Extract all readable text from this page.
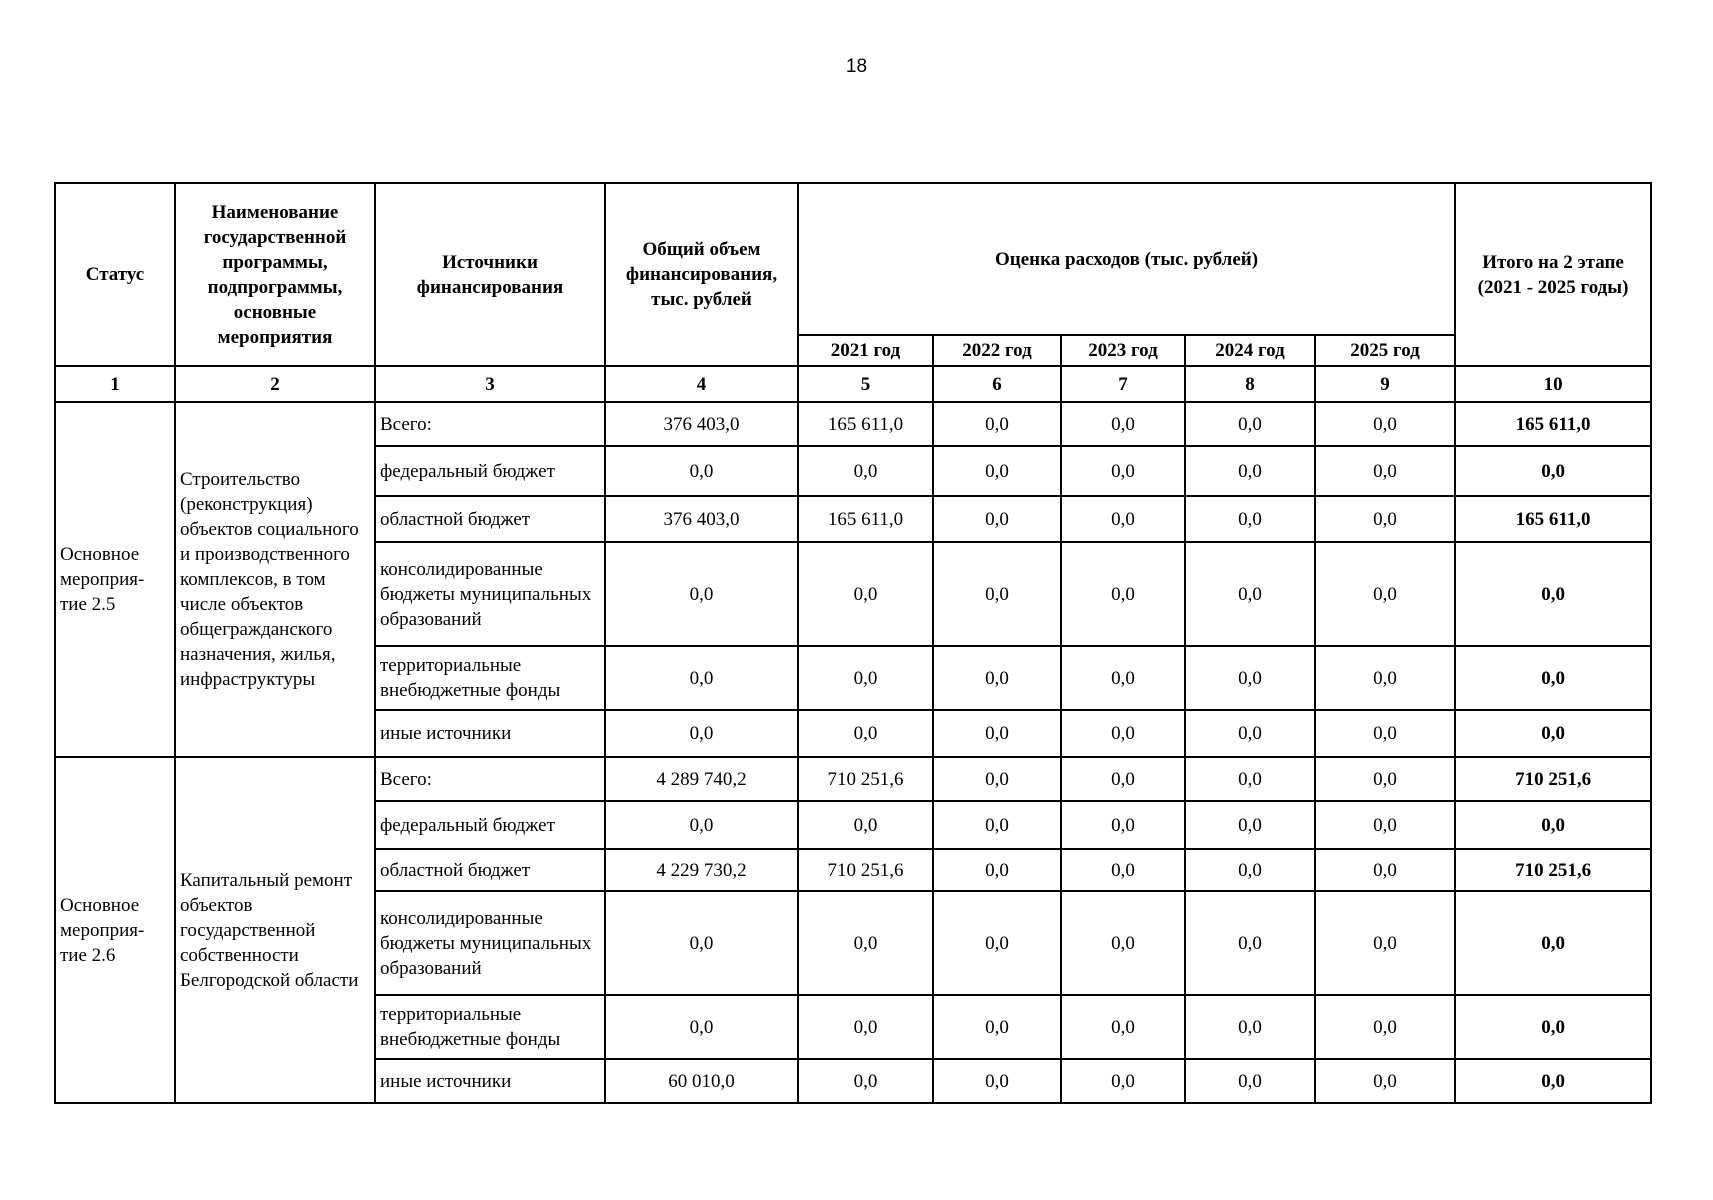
18
Статус	Наименование государственной программы, подпрограммы, основные мероприятия	Источники финансирования	Общий объем финансирования, тыс. рублей	Оценка расходов (тыс. рублей)					Итого на 2 этапе (2021 - 2025 годы)
				2021 год	2022 год	2023 год	2024 год	2025 год	
1	2	3	4	5	6	7	8	9	10
Основное мероприя-тие 2.5	Строительство (реконструкция) объектов социального и производственного комплексов, в том числе объектов общегражданского назначения, жилья, инфраструктуры	Всего:	376 403,0	165 611,0	0,0	0,0	0,0	0,0	165 611,0
		федеральный бюджет	0,0	0,0	0,0	0,0	0,0	0,0	0,0
		областной бюджет	376 403,0	165 611,0	0,0	0,0	0,0	0,0	165 611,0
		консолидированные бюджеты муниципальных образований	0,0	0,0	0,0	0,0	0,0	0,0	0,0
		территориальные внебюджетные фонды	0,0	0,0	0,0	0,0	0,0	0,0	0,0
		иные источники	0,0	0,0	0,0	0,0	0,0	0,0	0,0
Основное мероприя-тие 2.6	Капитальный ремонт объектов государственной собственности Белгородской области	Всего:	4 289 740,2	710 251,6	0,0	0,0	0,0	0,0	710 251,6
		федеральный бюджет	0,0	0,0	0,0	0,0	0,0	0,0	0,0
		областной бюджет	4 229 730,2	710 251,6	0,0	0,0	0,0	0,0	710 251,6
		консолидированные бюджеты муниципальных образований	0,0	0,0	0,0	0,0	0,0	0,0	0,0
		территориальные внебюджетные фонды	0,0	0,0	0,0	0,0	0,0	0,0	0,0
		иные источники	60 010,0	0,0	0,0	0,0	0,0	0,0	0,0
